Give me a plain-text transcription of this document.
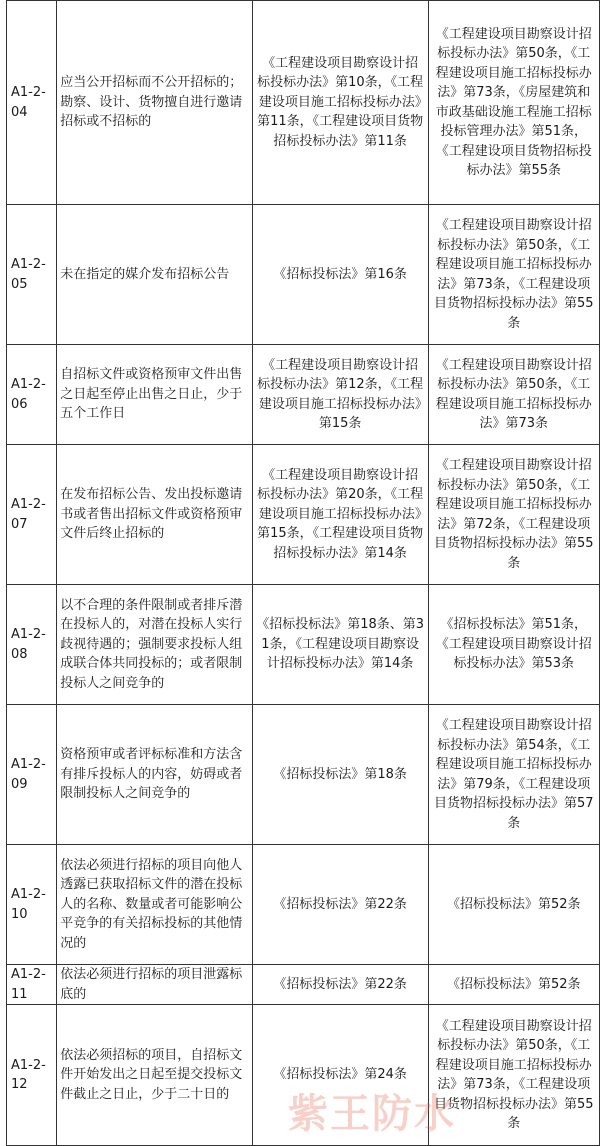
A1-2-04	应当公开招标而不公开招标的；勘察、设计、货物擅自进行邀请招标或不招标的	《工程建设项目勘察设计招标投标办法》第10条，《工程建设项目施工招标投标办法》第11条，《工程建设项目货物招标投标办法》第11条	《工程建设项目勘察设计招标投标办法》第50条，《工程建设项目施工招标投标办法》第73条，《房屋建筑和市政基础设施工程施工招标投标管理办法》第51条，《工程建设项目货物招标投标办法》第55条
A1-2-05	未在指定的媒介发布招标公告	《招标投标法》第16条	《工程建设项目勘察设计招标投标办法》第50条，《工程建设项目施工招标投标办法》第73条，《工程建设项目货物招标投标办法》第55条
A1-2-06	自招标文件或资格预审文件出售之日起至停止出售之日止，少于五个工作日	《工程建设项目勘察设计招标投标办法》第12条，《工程建设项目施工招标投标办法》第15条	《工程建设项目勘察设计招标投标办法》第50条，《工程建设项目施工招标投标办法》第73条
A1-2-07	在发布招标公告、发出投标邀请书或者售出招标文件或资格预审文件后终止招标的	《工程建设项目勘察设计招标投标办法》第20条，《工程建设项目施工招标投标办法》第15条，《工程建设项目货物招标投标办法》第14条	《工程建设项目勘察设计招标投标办法》第50条，《工程建设项目施工招标投标办法》第72条，《工程建设项目货物招标投标办法》第55条
A1-2-08	以不合理的条件限制或者排斥潜在投标人的，对潜在投标人实行歧视待遇的；强制要求投标人组成联合体共同投标的；或者限制投标人之间竞争的	《招标投标法》第18条、第31条，《工程建设项目勘察设计招标投标办法》第14条	《招标投标法》第51条，《工程建设项目勘察设计招标投标办法》第53条
A1-2-09	资格预审或者评标标准和方法含有排斥投标人的内容，妨碍或者限制投标人之间竞争的	《招标投标法》第18条	《工程建设项目勘察设计招标投标办法》第54条，《工程建设项目施工招标投标办法》第79条，《工程建设项目货物招标投标办法》第57条
A1-2-10	依法必须进行招标的项目向他人透露已获取招标文件的潜在投标人的名称、数量或者可能影响公平竞争的有关招标投标的其他情况的	《招标投标法》第22条	《招标投标法》第52条
A1-2-11	依法必须进行招标的项目泄露标底的	《招标投标法》第22条	《招标投标法》第52条
A1-2-12	依法必须招标的项目，自招标文件开始发出之日起至提交投标文件截止之日止，少于二十日的	《招标投标法》第24条	《工程建设项目勘察设计招标投标办法》第50条，《工程建设项目施工招标投标办法》第73条，《工程建设项目货物招标投标办法》第55条
紫王防水
